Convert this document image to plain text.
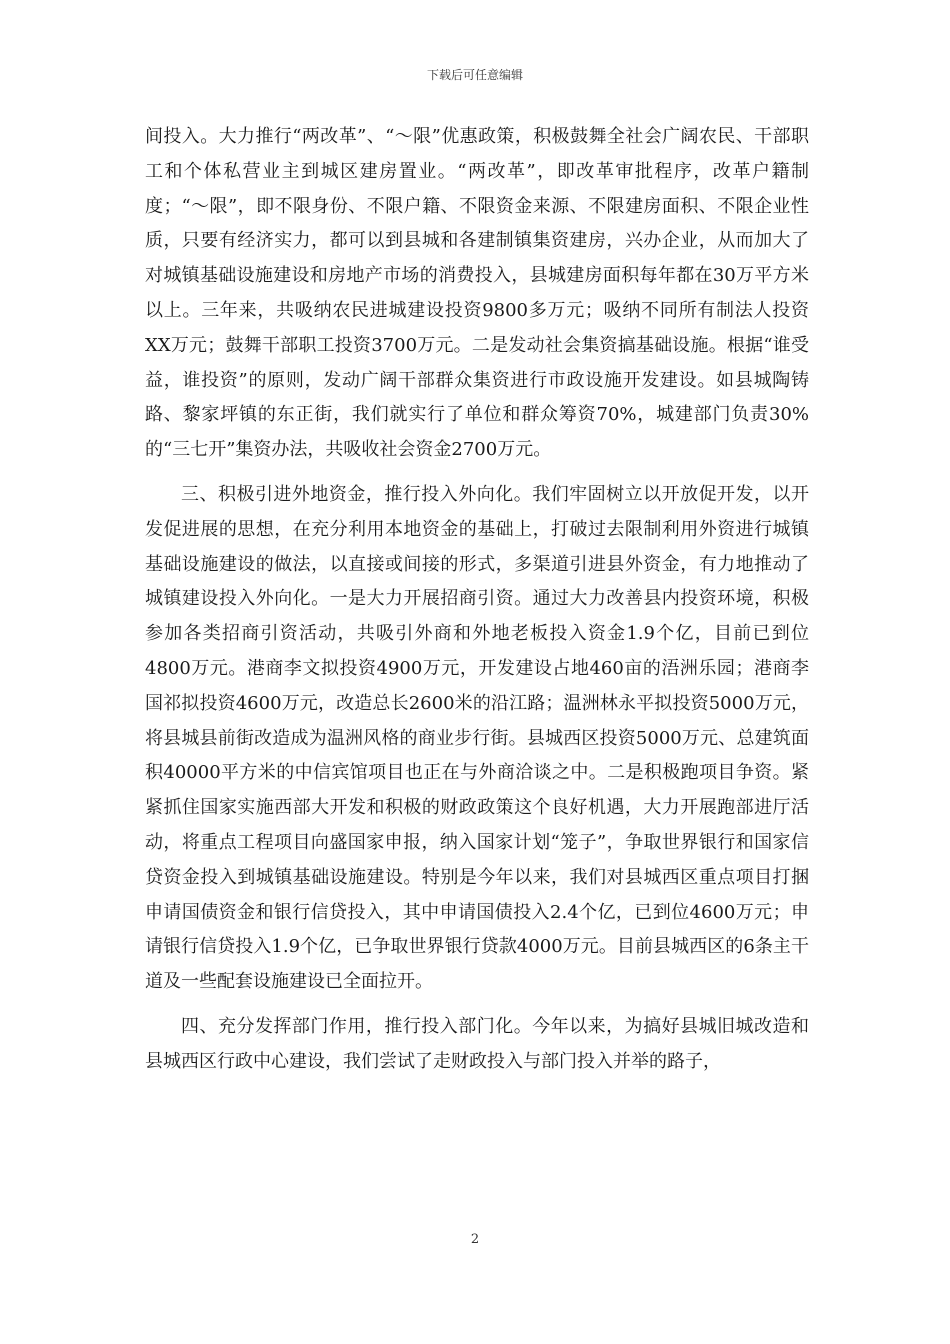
下载后可任意编辑

间投入。大力推行“两改革”、“～限”优惠政策，积极鼓舞全社会广阔农民、干部职工和个体私营业主到城区建房置业。“两改革”，即改革审批程序，改革户籍制度；“～限”，即不限身份、不限户籍、不限资金来源、不限建房面积、不限企业性质，只要有经济实力，都可以到县城和各建制镇集资建房，兴办企业，从而加大了对城镇基础设施建设和房地产市场的消费投入，县城建房面积每年都在30万平方米以上。三年来，共吸纳农民进城建设投资9800多万元；吸纳不同所有制法人投资XX万元；鼓舞干部职工投资3700万元。二是发动社会集资搞基础设施。根据“谁受益，谁投资”的原则，发动广阔干部群众集资进行市政设施开发建设。如县城陶铸路、黎家坪镇的东正街，我们就实行了单位和群众筹资70%，城建部门负责30%的“三七开”集资办法，共吸收社会资金2700万元。

三、积极引进外地资金，推行投入外向化。我们牢固树立以开放促开发，以开发促进展的思想，在充分利用本地资金的基础上，打破过去限制利用外资进行城镇基础设施建设的做法，以直接或间接的形式，多渠道引进县外资金，有力地推动了城镇建设投入外向化。一是大力开展招商引资。通过大力改善县内投资环境，积极参加各类招商引资活动，共吸引外商和外地老板投入资金1.9个亿，目前已到位4800万元。港商李文拟投资4900万元，开发建设占地460亩的浯洲乐园；港商李国祁拟投资4600万元，改造总长2600米的沿江路；温洲林永平拟投资5000万元，将县城县前街改造成为温洲风格的商业步行街。县城西区投资5000万元、总建筑面积40000平方米的中信宾馆项目也正在与外商洽谈之中。二是积极跑项目争资。紧紧抓住国家实施西部大开发和积极的财政政策这个良好机遇，大力开展跑部进厅活动，将重点工程项目向盛国家申报，纳入国家计划“笼子”，争取世界银行和国家信贷资金投入到城镇基础设施建设。特别是今年以来，我们对县城西区重点项目打捆申请国债资金和银行信贷投入，其中申请国债投入2.4个亿，已到位4600万元；申请银行信贷投入1.9个亿，已争取世界银行贷款4000万元。目前县城西区的6条主干道及一些配套设施建设已全面拉开。

四、充分发挥部门作用，推行投入部门化。今年以来，为搞好县城旧城改造和县城西区行政中心建设，我们尝试了走财政投入与部门投入并举的路子，

2
